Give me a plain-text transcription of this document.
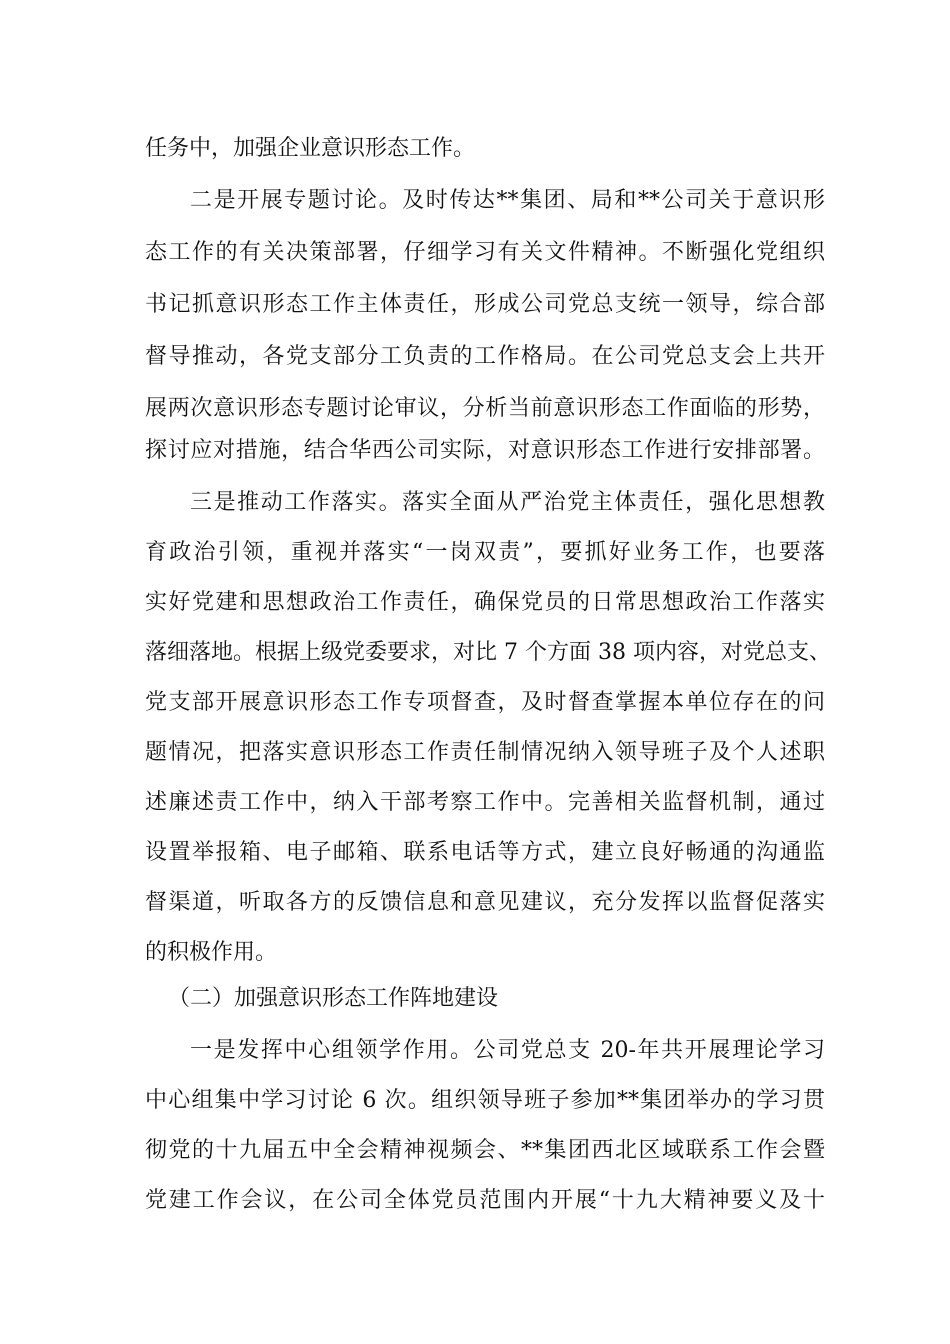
任务中，加强企业意识形态工作。
二是开展专题讨论。及时传达**集团、局和**公司关于意识形
态工作的有关决策部署，仔细学习有关文件精神。不断强化党组织
书记抓意识形态工作主体责任，形成公司党总支统一领导，综合部
督导推动，各党支部分工负责的工作格局。在公司党总支会上共开
展两次意识形态专题讨论审议，分析当前意识形态工作面临的形势，
探讨应对措施，结合华西公司实际，对意识形态工作进行安排部署。
三是推动工作落实。落实全面从严治党主体责任，强化思想教
育政治引领，重视并落实“一岗双责”，要抓好业务工作，也要落
实好党建和思想政治工作责任，确保党员的日常思想政治工作落实
落细落地。根据上级党委要求，对比 7 个方面 38 项内容，对党总支、
党支部开展意识形态工作专项督查，及时督查掌握本单位存在的问
题情况，把落实意识形态工作责任制情况纳入领导班子及个人述职
述廉述责工作中，纳入干部考察工作中。完善相关监督机制，通过
设置举报箱、电子邮箱、联系电话等方式，建立良好畅通的沟通监
督渠道，听取各方的反馈信息和意见建议，充分发挥以监督促落实
的积极作用。
（二）加强意识形态工作阵地建设
一是发挥中心组领学作用。公司党总支 20-年共开展理论学习
中心组集中学习讨论 6 次。组织领导班子参加**集团举办的学习贯
彻党的十九届五中全会精神视频会、**集团西北区域联系工作会暨
党建工作会议，在公司全体党员范围内开展“十九大精神要义及十
